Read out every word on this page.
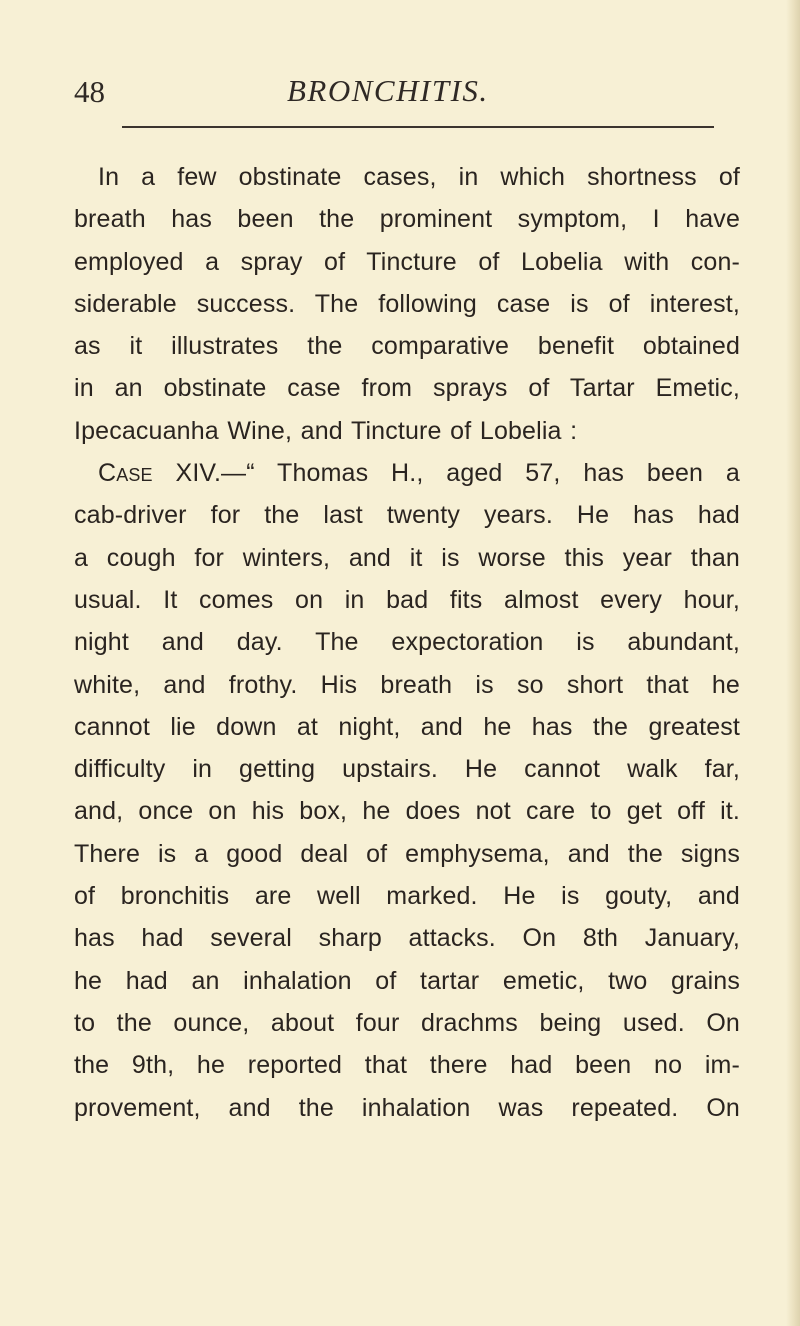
48	BRONCHITIS.

In a few obstinate cases, in which shortness of
breath has been the prominent symptom, I have
employed a spray of Tincture of Lobelia with con-
siderable success. The following case is of interest,
as it illustrates the comparative benefit obtained
in an obstinate case from sprays of Tartar Emetic,
Ipecacuanha Wine, and Tincture of Lobelia :
Case XIV.—“ Thomas H., aged 57, has been a
cab-driver for the last twenty years. He has had
a cough for winters, and it is worse this year than
usual. It comes on in bad fits almost every hour,
night and day. The expectoration is abundant,
white, and frothy. His breath is so short that he
cannot lie down at night, and he has the greatest
difficulty in getting upstairs. He cannot walk far,
and, once on his box, he does not care to get off it.
There is a good deal of emphysema, and the signs
of bronchitis are well marked. He is gouty, and
has had several sharp attacks. On 8th January,
he had an inhalation of tartar emetic, two grains
to the ounce, about four drachms being used. On
the 9th, he reported that there had been no im-
provement, and the inhalation was repeated. On
